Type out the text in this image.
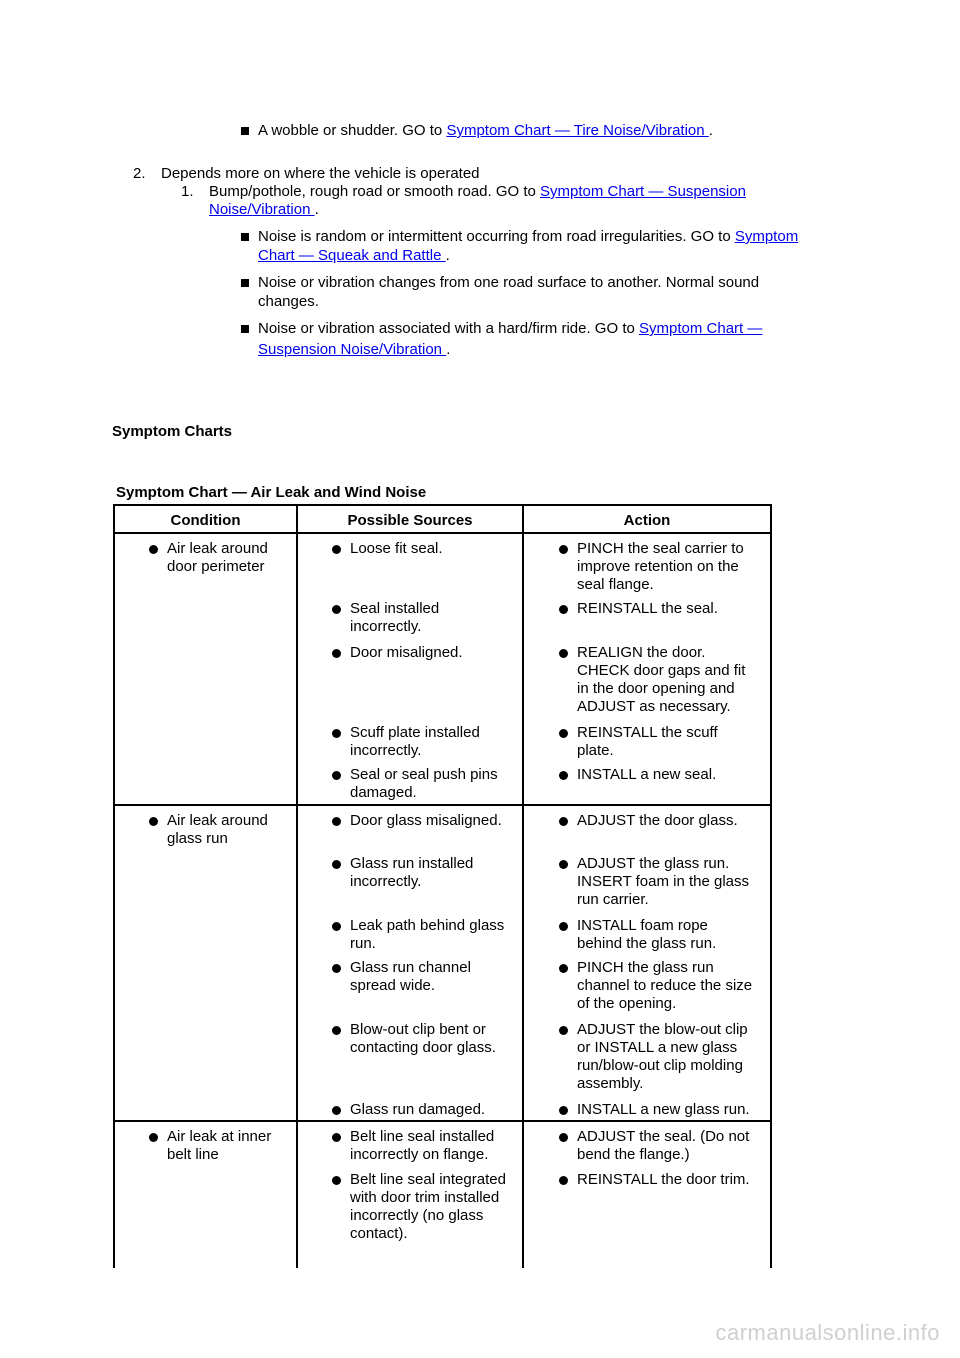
A wobble or shudder. GO to Symptom Chart — Tire Noise/Vibration .
2. Depends more on where the vehicle is operated
1. Bump/pothole, rough road or smooth road. GO to Symptom Chart — Suspension
Noise/Vibration .
Noise is random or intermittent occurring from road irregularities. GO to Symptom
Chart — Squeak and Rattle .
Noise or vibration changes from one road surface to another. Normal sound
changes.
Noise or vibration associated with a hard/firm ride. GO to Symptom Chart —
Suspension Noise/Vibration .
Symptom Charts
Symptom Chart — Air Leak and Wind Noise
Condition	Possible Sources	Action
Air leak around
door perimeter
Air leak around
glass run
Air leak at inner
belt line
Loose fit seal.
Seal installed
incorrectly.
Door misaligned.
Scuff plate installed
incorrectly.
Seal or seal push pins
damaged.
Door glass misaligned.
Glass run installed
incorrectly.
Leak path behind glass
run.
Glass run channel
spread wide.
Blow-out clip bent or
contacting door glass.
Glass run damaged.
Belt line seal installed
incorrectly on flange.
Belt line seal integrated
with door trim installed
incorrectly (no glass
contact).
PINCH the seal carrier to
improve retention on the
seal flange.
REINSTALL the seal.
REALIGN the door.
CHECK door gaps and fit
in the door opening and
ADJUST as necessary.
REINSTALL the scuff
plate.
INSTALL a new seal.
ADJUST the door glass.
ADJUST the glass run.
INSERT foam in the glass
run carrier.
INSTALL foam rope
behind the glass run.
PINCH the glass run
channel to reduce the size
of the opening.
ADJUST the blow-out clip
or INSTALL a new glass
run/blow-out clip molding
assembly.
INSTALL a new glass run.
ADJUST the seal. (Do not
bend the flange.)
REINSTALL the door trim.
carmanualsonline.info
